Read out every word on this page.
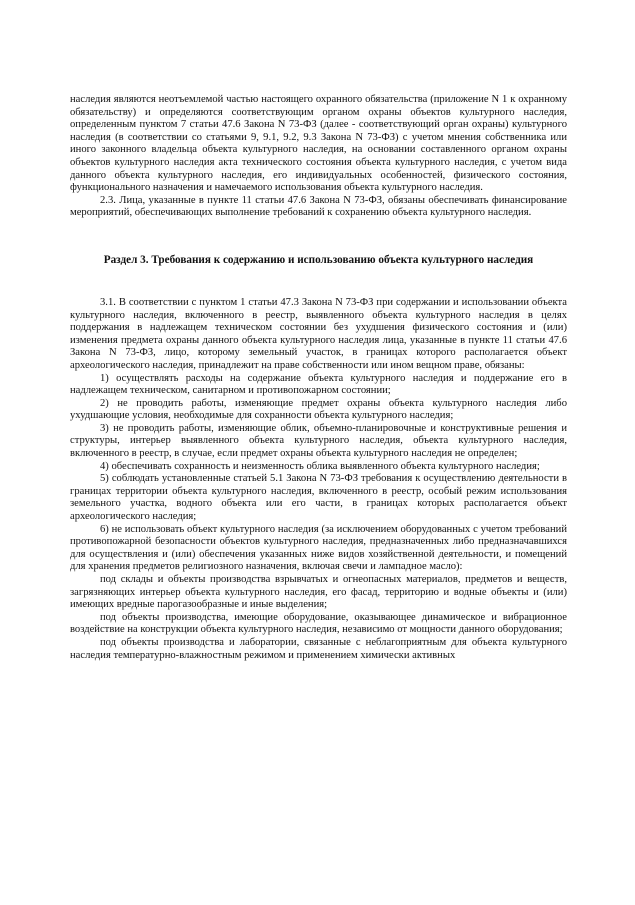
наследия являются неотъемлемой частью настоящего охранного обязательства (приложение N 1 к охранному обязательству) и определяются соответствующим органом охраны объектов культурного наследия, определенным пунктом 7 статьи 47.6 Закона N 73-ФЗ (далее - соответствующий орган охраны) культурного наследия (в соответствии со статьями 9, 9.1, 9.2, 9.3 Закона N 73-ФЗ) с учетом мнения собственника или иного законного владельца объекта культурного наследия, на основании составленного органом охраны объектов культурного наследия акта технического состояния объекта культурного наследия, с учетом вида данного объекта культурного наследия, его индивидуальных особенностей, физического состояния, функционального назначения и намечаемого использования объекта культурного наследия.

2.3. Лица, указанные в пункте 11 статьи 47.6 Закона N 73-ФЗ, обязаны обеспечивать финансирование мероприятий, обеспечивающих выполнение требований к сохранению объекта культурного наследия.

Раздел 3. Требования к содержанию и использованию объекта культурного наследия

3.1. В соответствии с пунктом 1 статьи 47.3 Закона N 73-ФЗ при содержании и использовании объекта культурного наследия, включенного в реестр, выявленного объекта культурного наследия в целях поддержания в надлежащем техническом состоянии без ухудшения физического состояния и (или) изменения предмета охраны данного объекта культурного наследия лица, указанные в пункте 11 статьи 47.6 Закона N 73-ФЗ, лицо, которому земельный участок, в границах которого располагается объект археологического наследия, принадлежит на праве собственности или ином вещном праве, обязаны:

1) осуществлять расходы на содержание объекта культурного наследия и поддержание его в надлежащем техническом, санитарном и противопожарном состоянии;

2) не проводить работы, изменяющие предмет охраны объекта культурного наследия либо ухудшающие условия, необходимые для сохранности объекта культурного наследия;

3) не проводить работы, изменяющие облик, объемно-планировочные и конструктивные решения и структуры, интерьер выявленного объекта культурного наследия, объекта культурного наследия, включенного в реестр, в случае, если предмет охраны объекта культурного наследия не определен;

4) обеспечивать сохранность и неизменность облика выявленного объекта культурного наследия;

5) соблюдать установленные статьей 5.1 Закона N 73-ФЗ требования к осуществлению деятельности в границах территории объекта культурного наследия, включенного в реестр, особый режим использования земельного участка, водного объекта или его части, в границах которых располагается объект археологического наследия;

6) не использовать объект культурного наследия (за исключением оборудованных с учетом требований противопожарной безопасности объектов культурного наследия, предназначенных либо предназначавшихся для осуществления и (или) обеспечения указанных ниже видов хозяйственной деятельности, и помещений для хранения предметов религиозного назначения, включая свечи и лампадное масло):

под склады и объекты производства взрывчатых и огнеопасных материалов, предметов и веществ, загрязняющих интерьер объекта культурного наследия, его фасад, территорию и водные объекты и (или) имеющих вредные парогазообразные и иные выделения;

под объекты производства, имеющие оборудование, оказывающее динамическое и вибрационное воздействие на конструкции объекта культурного наследия, независимо от мощности данного оборудования;

под объекты производства и лаборатории, связанные с неблагоприятным для объекта культурного наследия температурно-влажностным режимом и применением химически активных
